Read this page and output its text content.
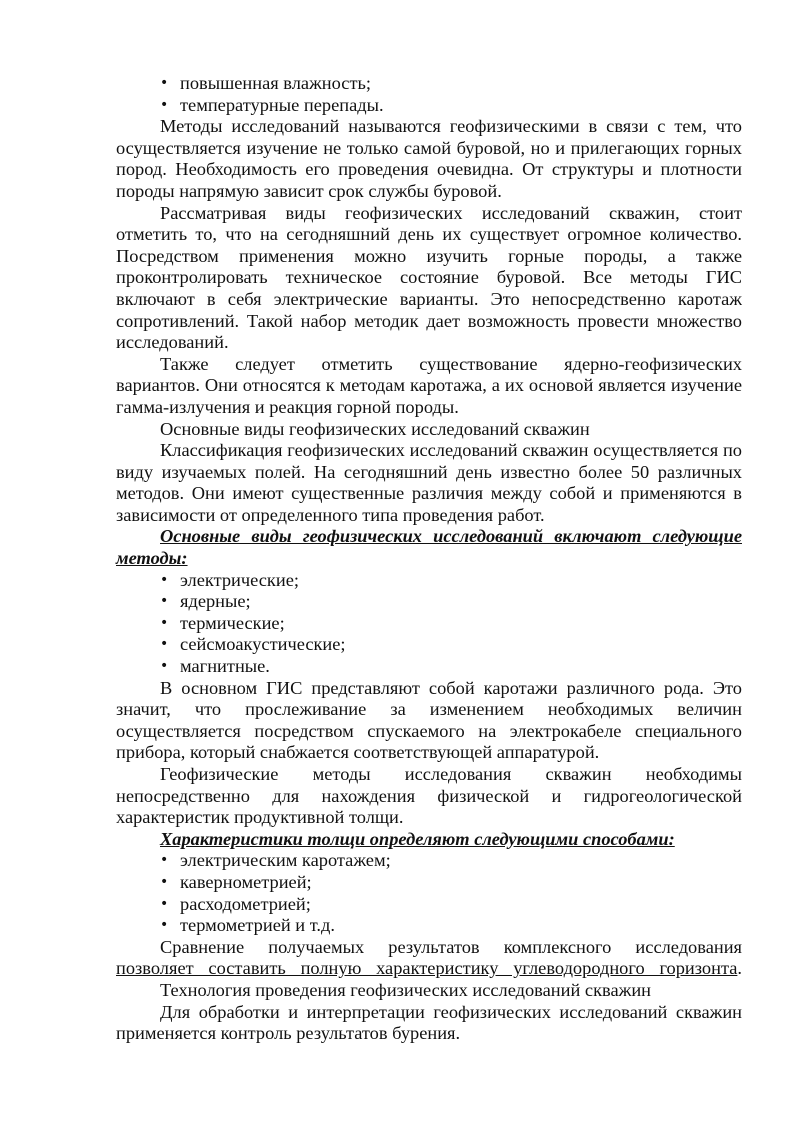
• повышенная влажность;
• температурные перепады.

Методы исследований называются геофизическими в связи с тем, что осуществляется изучение не только самой буровой, но и прилегающих горных пород. Необходимость его проведения очевидна. От структуры и плотности породы напрямую зависит срок службы буровой.

Рассматривая виды геофизических исследований скважин, стоит отметить то, что на сегодняшний день их существует огромное количество. Посредством применения можно изучить горные породы, а также проконтролировать техническое состояние буровой. Все методы ГИС включают в себя электрические варианты. Это непосредственно каротаж сопротивлений. Такой набор методик дает возможность провести множество исследований.

Также следует отметить существование ядерно-геофизических вариантов. Они относятся к методам каротажа, а их основой является изучение гамма-излучения и реакция горной породы.

Основные виды геофизических исследований скважин

Классификация геофизических исследований скважин осуществляется по виду изучаемых полей. На сегодняшний день известно более 50 различных методов. Они имеют существенные различия между собой и применяются в зависимости от определенного типа проведения работ.

Основные виды геофизических исследований включают следующие методы:

• электрические;
• ядерные;
• термические;
• сейсмоакустические;
• магнитные.

В основном ГИС представляют собой каротажи различного рода. Это значит, что прослеживание за изменением необходимых величин осуществляется посредством спускаемого на электрокабеле специального прибора, который снабжается соответствующей аппаратурой.

Геофизические методы исследования скважин необходимы непосредственно для нахождения физической и гидрогеологической характеристик продуктивной толщи.

Характеристики толщи определяют следующими способами:

• электрическим каротажем;
• кавернометрией;
• расходометрией;
• термометрией и т.д.

Сравнение получаемых результатов комплексного исследования позволяет составить полную характеристику углеводородного горизонта.

Технология проведения геофизических исследований скважин

Для обработки и интерпретации геофизических исследований скважин применяется контроль результатов бурения.
